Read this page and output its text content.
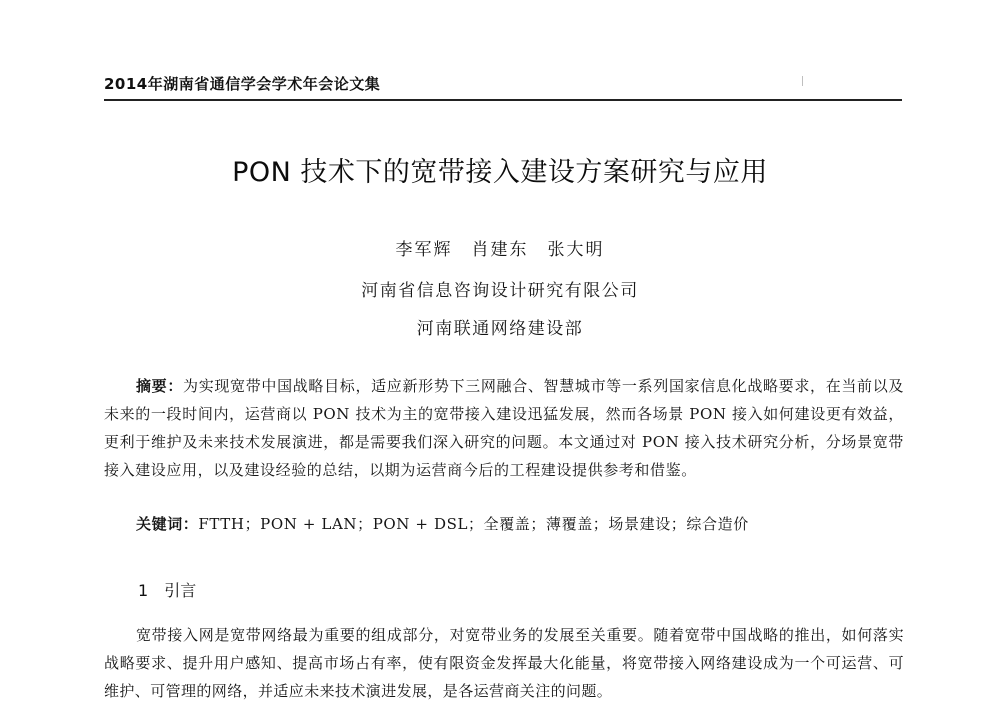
2014年湖南省通信学会学术年会论文集
PON 技术下的宽带接入建设方案研究与应用
李军辉　肖建东　张大明
河南省信息咨询设计研究有限公司
河南联通网络建设部

摘要：为实现宽带中国战略目标，适应新形势下三网融合、智慧城市等一系列国家信息化战略要求，在当前以及未来的一段时间内，运营商以 PON 技术为主的宽带接入建设迅猛发展，然而各场景 PON 接入如何建设更有效益，更利于维护及未来技术发展演进，都是需要我们深入研究的问题。本文通过对 PON 接入技术研究分析，分场景宽带接入建设应用，以及建设经验的总结，以期为运营商今后的工程建设提供参考和借鉴。

关键词：FTTH；PON + LAN；PON + DSL；全覆盖；薄覆盖；场景建设；综合造价

1 引言

宽带接入网是宽带网络最为重要的组成部分，对宽带业务的发展至关重要。随着宽带中国战略的推出，如何落实战略要求、提升用户感知、提高市场占有率，使有限资金发挥最大化能量，将宽带接入网络建设成为一个可运营、可维护、可管理的网络，并适应未来技术演进发展，是各运营商关注的问题。
